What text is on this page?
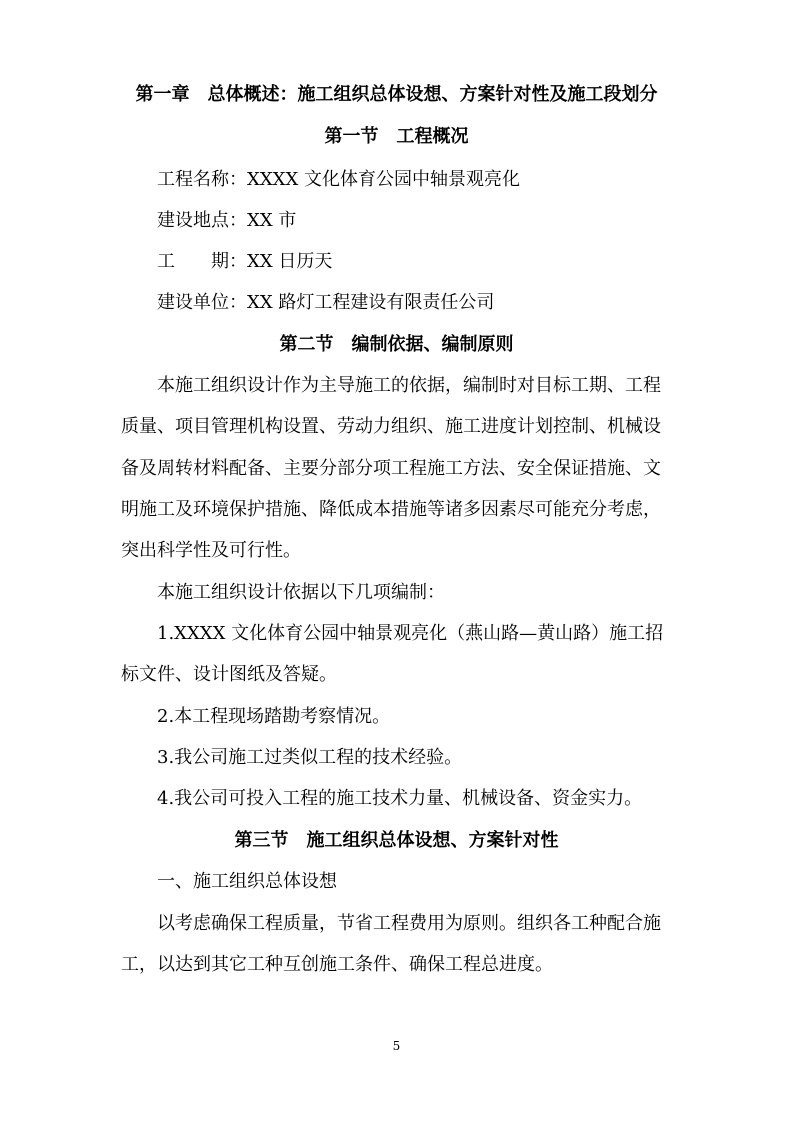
第一章　总体概述：施工组织总体设想、方案针对性及施工段划分
第一节　工程概况
工程名称：XXXX 文化体育公园中轴景观亮化
建设地点：XX 市
工　　期：XX 日历天
建设单位：XX 路灯工程建设有限责任公司
第二节　编制依据、编制原则
本施工组织设计作为主导施工的依据，编制时对目标工期、工程
质量、项目管理机构设置、劳动力组织、施工进度计划控制、机械设
备及周转材料配备、主要分部分项工程施工方法、安全保证措施、文
明施工及环境保护措施、降低成本措施等诸多因素尽可能充分考虑，
突出科学性及可行性。
本施工组织设计依据以下几项编制：
1.XXXX 文化体育公园中轴景观亮化（燕山路—黄山路）施工招
标文件、设计图纸及答疑。
2.本工程现场踏勘考察情况。
3.我公司施工过类似工程的技术经验。
4.我公司可投入工程的施工技术力量、机械设备、资金实力。
第三节　施工组织总体设想、方案针对性
一、施工组织总体设想
以考虑确保工程质量，节省工程费用为原则。组织各工种配合施
工，以达到其它工种互创施工条件、确保工程总进度。
5
